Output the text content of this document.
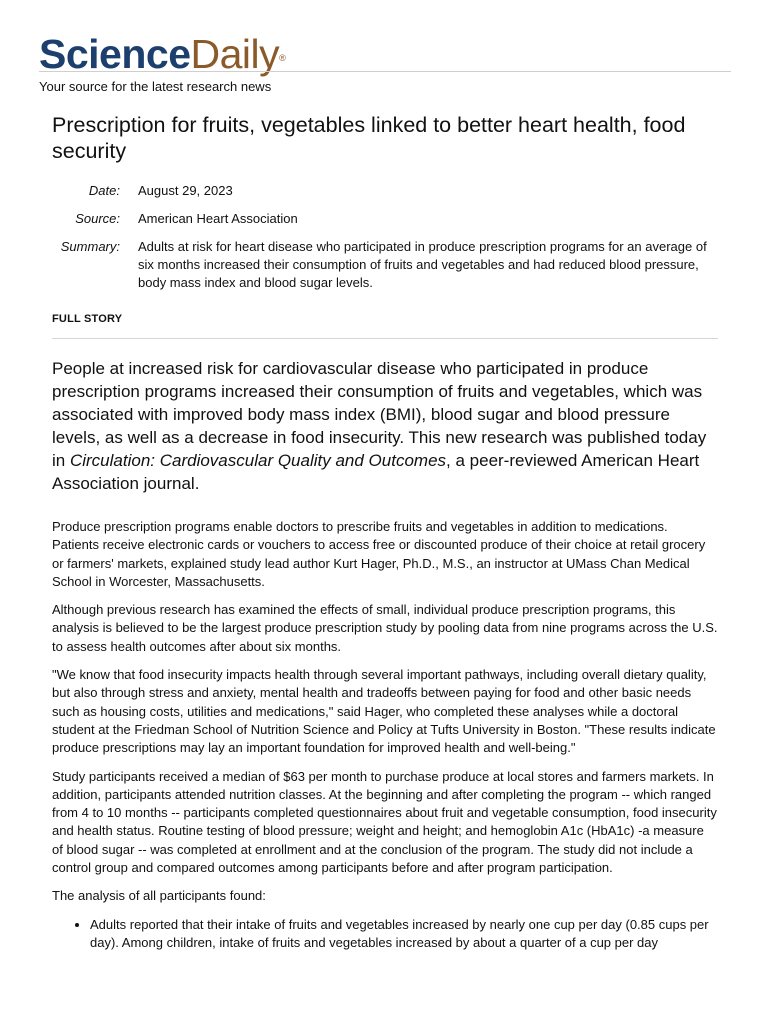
ScienceDaily®
Your source for the latest research news
Prescription for fruits, vegetables linked to better heart health, food security
Date: August 29, 2023
Source: American Heart Association
Summary: Adults at risk for heart disease who participated in produce prescription programs for an average of six months increased their consumption of fruits and vegetables and had reduced blood pressure, body mass index and blood sugar levels.
FULL STORY

People at increased risk for cardiovascular disease who participated in produce prescription programs increased their consumption of fruits and vegetables, which was associated with improved body mass index (BMI), blood sugar and blood pressure levels, as well as a decrease in food insecurity. This new research was published today in Circulation: Cardiovascular Quality and Outcomes, a peer-reviewed American Heart Association journal.

Produce prescription programs enable doctors to prescribe fruits and vegetables in addition to medications. Patients receive electronic cards or vouchers to access free or discounted produce of their choice at retail grocery or farmers' markets, explained study lead author Kurt Hager, Ph.D., M.S., an instructor at UMass Chan Medical School in Worcester, Massachusetts.

Although previous research has examined the effects of small, individual produce prescription programs, this analysis is believed to be the largest produce prescription study by pooling data from nine programs across the U.S. to assess health outcomes after about six months.

"We know that food insecurity impacts health through several important pathways, including overall dietary quality, but also through stress and anxiety, mental health and tradeoffs between paying for food and other basic needs such as housing costs, utilities and medications," said Hager, who completed these analyses while a doctoral student at the Friedman School of Nutrition Science and Policy at Tufts University in Boston. "These results indicate produce prescriptions may lay an important foundation for improved health and well-being."

Study participants received a median of $63 per month to purchase produce at local stores and farmers markets. In addition, participants attended nutrition classes. At the beginning and after completing the program -- which ranged from 4 to 10 months -- participants completed questionnaires about fruit and vegetable consumption, food insecurity and health status. Routine testing of blood pressure; weight and height; and hemoglobin A1c (HbA1c) -a measure of blood sugar -- was completed at enrollment and at the conclusion of the program. The study did not include a control group and compared outcomes among participants before and after program participation.

The analysis of all participants found:

• Adults reported that their intake of fruits and vegetables increased by nearly one cup per day (0.85 cups per day). Among children, intake of fruits and vegetables increased by about a quarter of a cup per day
